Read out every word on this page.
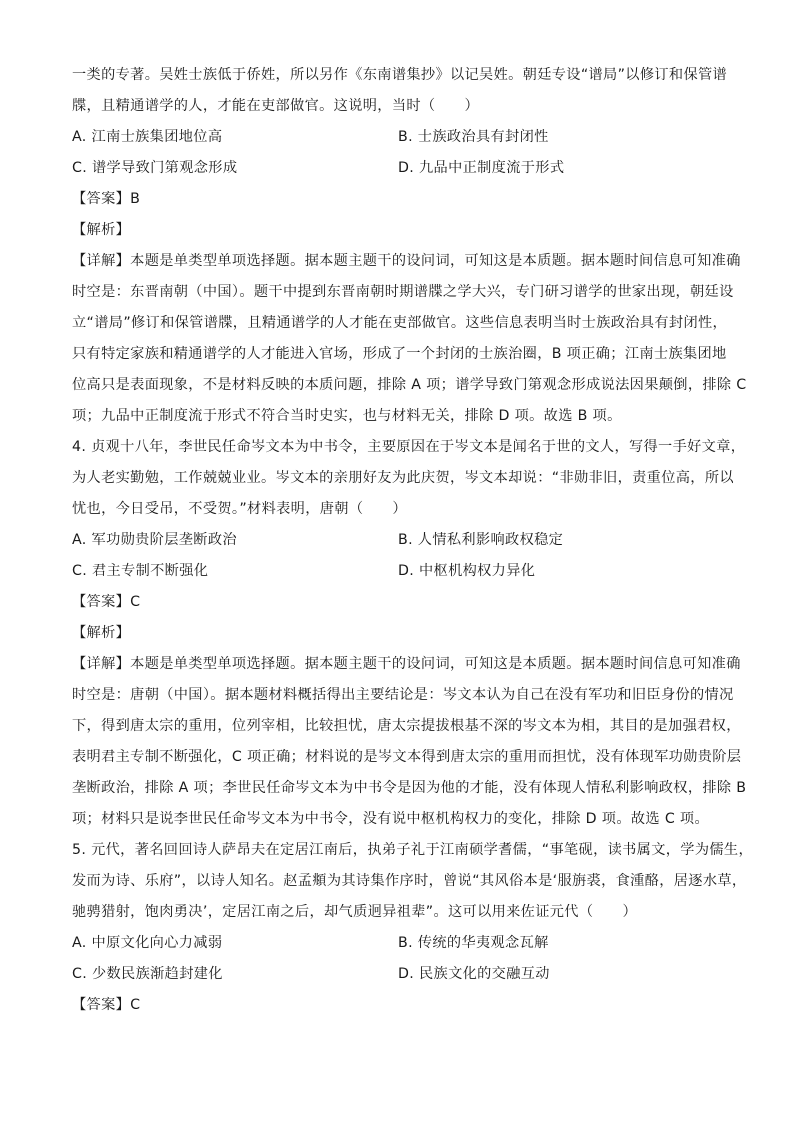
一类的专著。吴姓士族低于侨姓，所以另作《东南谱集抄》以记吴姓。朝廷专设“谱局”以修订和保管谱
牒，且精通谱学的人，才能在吏部做官。这说明，当时（　　）
A. 江南士族集团地位高	B. 士族政治具有封闭性
C. 谱学导致门第观念形成	D. 九品中正制度流于形式
【答案】B
【解析】
【详解】本题是单类型单项选择题。据本题主题干的设问词，可知这是本质题。据本题时间信息可知准确
时空是：东晋南朝（中国）。题干中提到东晋南朝时期谱牒之学大兴，专门研习谱学的世家出现，朝廷设
立“谱局”修订和保管谱牒，且精通谱学的人才能在吏部做官。这些信息表明当时士族政治具有封闭性，
只有特定家族和精通谱学的人才能进入官场，形成了一个封闭的士族治圈，B 项正确；江南士族集团地
位高只是表面现象，不是材料反映的本质问题，排除 A 项；谱学导致门第观念形成说法因果颠倒，排除 C
项；九品中正制度流于形式不符合当时史实，也与材料无关，排除 D 项。故选 B 项。
4. 贞观十八年，李世民任命岑文本为中书令，主要原因在于岑文本是闻名于世的文人，写得一手好文章，
为人老实勤勉，工作兢兢业业。岑文本的亲朋好友为此庆贺，岑文本却说：“非勋非旧，责重位高，所以
忧也，今日受吊，不受贺。”材料表明，唐朝（　　）
A. 军功勋贵阶层垄断政治	B. 人情私利影响政权稳定
C. 君主专制不断强化	D. 中枢机构权力异化
【答案】C
【解析】
【详解】本题是单类型单项选择题。据本题主题干的设问词，可知这是本质题。据本题时间信息可知准确
时空是：唐朝（中国）。据本题材料概括得出主要结论是：岑文本认为自己在没有军功和旧臣身份的情况
下，得到唐太宗的重用，位列宰相，比较担忧，唐太宗提拔根基不深的岑文本为相，其目的是加强君权，
表明君主专制不断强化，C 项正确；材料说的是岑文本得到唐太宗的重用而担忧，没有体现军功勋贵阶层
垄断政治，排除 A 项；李世民任命岑文本为中书令是因为他的才能，没有体现人情私利影响政权，排除 B
项；材料只是说李世民任命岑文本为中书令，没有说中枢机构权力的变化，排除 D 项。故选 C 项。
5. 元代，著名回回诗人萨昂夫在定居江南后，执弟子礼于江南硕学耆儒，“事笔砚，读书属文，学为儒生，
发而为诗、乐府”，以诗人知名。赵孟頫为其诗集作序时，曾说“其风俗本是‘服旃裘，食湩酪，居逐水草，
驰骋猎射，饱肉勇决’，定居江南之后，却气质迥异祖辈”。这可以用来佐证元代（　　）
A. 中原文化向心力减弱	B. 传统的华夷观念瓦解
C. 少数民族渐趋封建化	D. 民族文化的交融互动
【答案】C
